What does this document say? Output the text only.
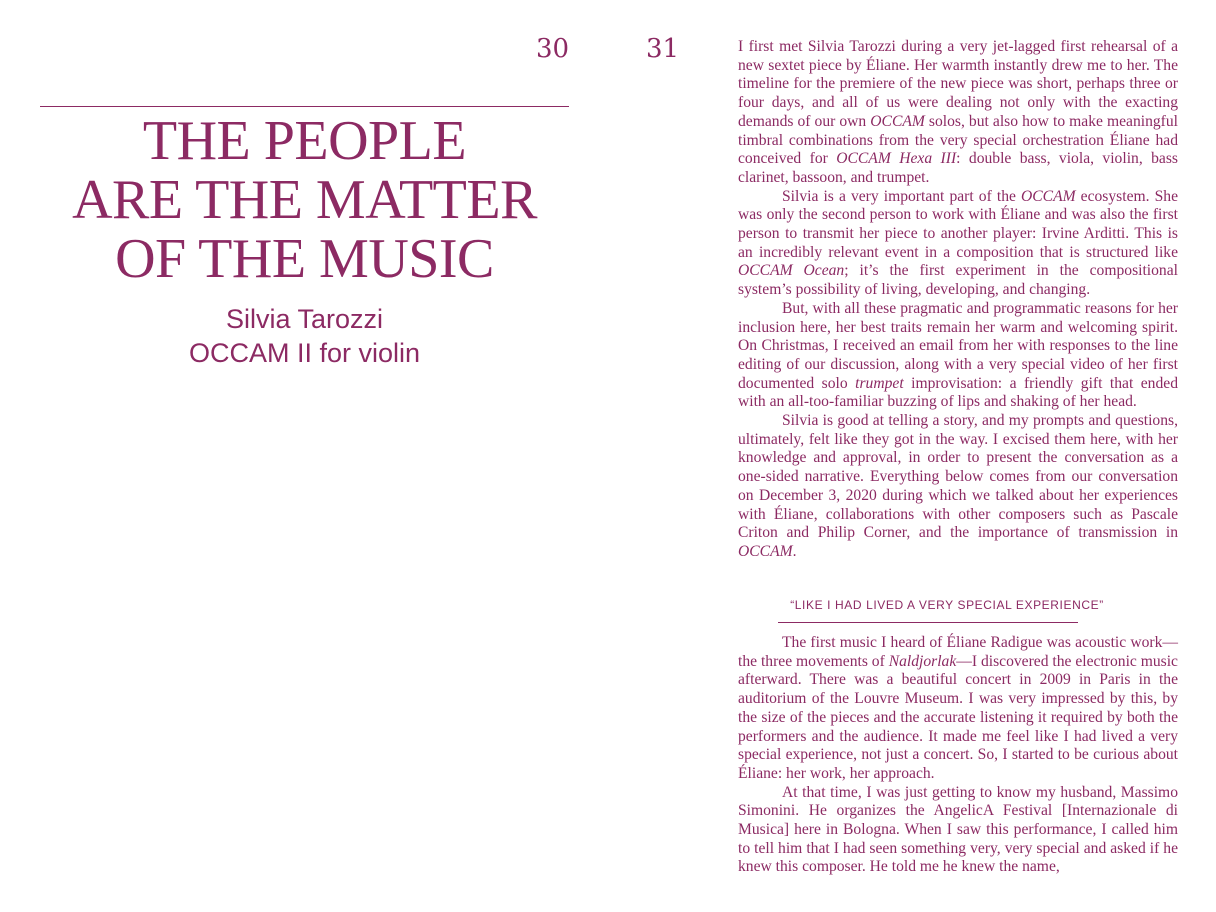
30	31
THE PEOPLE
ARE THE MATTER
OF THE MUSIC
Silvia Tarozzi
OCCAM II for violin

I first met Silvia Tarozzi during a very jet-lagged first rehearsal of a new sextet piece by Éliane. Her warmth instantly drew me to her. The timeline for the premiere of the new piece was short, perhaps three or four days, and all of us were dealing not only with the exacting demands of our own OCCAM solos, but also how to make meaningful timbral combinations from the very special orchestration Éliane had conceived for OCCAM Hexa III: double bass, viola, violin, bass clarinet, bassoon, and trumpet.

Silvia is a very important part of the OCCAM ecosystem. She was only the second person to work with Éliane and was also the first person to transmit her piece to another player: Irvine Arditti. This is an incredibly relevant event in a composition that is structured like OCCAM Ocean; it’s the first experiment in the compositional system’s possibility of living, developing, and changing.

But, with all these pragmatic and programmatic reasons for her inclusion here, her best traits remain her warm and welcoming spirit. On Christmas, I received an email from her with responses to the line editing of our discussion, along with a very special video of her first documented solo trumpet improvisation: a friendly gift that ended with an all-too-familiar buzzing of lips and shaking of her head.

Silvia is good at telling a story, and my prompts and questions, ultimately, felt like they got in the way. I excised them here, with her knowledge and approval, in order to present the conversation as a one-sided narrative. Everything below comes from our conversation on December 3, 2020 during which we talked about her experiences with Éliane, collaborations with other composers such as Pascale Criton and Philip Corner, and the importance of transmission in OCCAM.

“LIKE I HAD LIVED A VERY SPECIAL EXPERIENCE”

The first music I heard of Éliane Radigue was acoustic work—the three movements of Naldjorlak—I discovered the electronic music afterward. There was a beautiful concert in 2009 in Paris in the auditorium of the Louvre Museum. I was very impressed by this, by the size of the pieces and the accurate listening it required by both the performers and the audience. It made me feel like I had lived a very special experience, not just a concert. So, I started to be curious about Éliane: her work, her approach.

At that time, I was just getting to know my husband, Massimo Simonini. He organizes the AngelicA Festival [Internazionale di Musica] here in Bologna. When I saw this performance, I called him to tell him that I had seen something very, very special and asked if he knew this composer. He told me he knew the name,
